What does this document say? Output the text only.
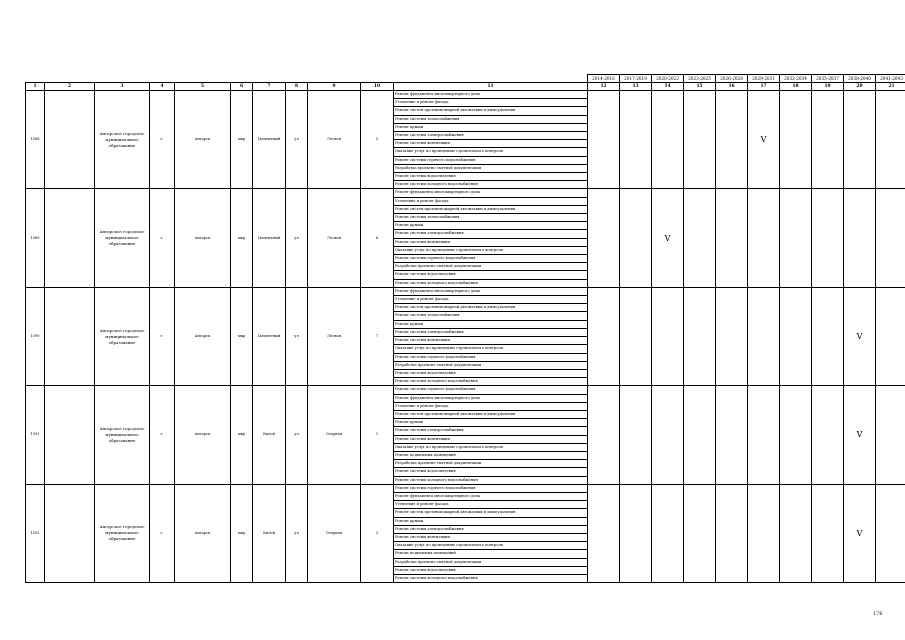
											2014-2016	2017-2019	2020-2022	2023-2025	2026-2028	2029-2031	2032-2034	2035-2037	2038-2040	2041-2043
1	2	3	4	5	6	7	8	9	10	11	12	13	14	15	16	17	18	19	20	21
1588		Ангарское городское муниципальное образование	г.	Ангарск	мкр	Цементный	ул	Лесная	5	Ремонт фундамента многоквартирного дома						V				
										Утепление и ремонт фасада										
										Ремонт систем противопожарной автоматики и дымоудаления										
										Ремонт системы теплоснабжения										
										Ремонт крыши										
										Ремонт системы электроснабжения										
										Ремонт системы вентиляции										
										Оказание услуг по проведению строительного контроля										
										Ремонт системы горячего водоснабжения										
										Разработка проектно-сметной документации										
										Ремонт системы водоотведения										
										Ремонт системы холодного водоснабжения										
1589		Ангарское городское муниципальное образование	г.	Ангарск	мкр	Цементный	ул	Лесная	6	Ремонт фундамента многоквартирного дома			V							
										Утепление и ремонт фасада										
										Ремонт систем противопожарной автоматики и дымоудаления										
										Ремонт системы теплоснабжения										
										Ремонт крыши										
										Ремонт системы электроснабжения										
										Ремонт системы вентиляции										
										Оказание услуг по проведению строительного контроля										
										Ремонт системы горячего водоснабжения										
										Разработка проектно-сметной документации										
										Ремонт системы водоотведения										
										Ремонт системы холодного водоснабжения										
1590		Ангарское городское муниципальное образование	г.	Ангарск	мкр	Цементный	ул	Лесная	7	Ремонт фундамента многоквартирного дома									V	
										Утепление и ремонт фасада										
										Ремонт систем противопожарной автоматики и дымоудаления										
										Ремонт системы теплоснабжения										
										Ремонт крыши										
										Ремонт системы электроснабжения										
										Ремонт системы вентиляции										
										Оказание услуг по проведению строительного контроля										
										Ремонт системы горячего водоснабжения										
										Разработка проектно-сметной документации										
										Ремонт системы водоотведения										
										Ремонт системы холодного водоснабжения										
1591		Ангарское городское муниципальное образование	г.	Ангарск	мкр	Китой	ул	Озерная	1	Ремонт системы горячего водоснабжения									V	
										Ремонт фундамента многоквартирного дома										
										Утепление и ремонт фасада										
										Ремонт систем противопожарной автоматики и дымоудаления										
										Ремонт крыши										
										Ремонт системы электроснабжения										
										Ремонт системы вентиляции										
										Оказание услуг по проведению строительного контроля										
										Ремонт подвальных помещений										
										Разработка проектно-сметной документации										
										Ремонт системы водоотведения										
										Ремонт системы холодного водоснабжения										
1592		Ангарское городское муниципальное образование	г.	Ангарск	мкр	Китой	ул	Озерная	3	Ремонт системы горячего водоснабжения									V	
										Ремонт фундамента многоквартирного дома										
										Утепление и ремонт фасада										
										Ремонт систем противопожарной автоматики и дымоудаления										
										Ремонт крыши										
										Ремонт системы электроснабжения										
										Ремонт системы вентиляции										
										Оказание услуг по проведению строительного контроля										
										Ремонт подвальных помещений										
										Разработка проектно-сметной документации										
										Ремонт системы водоотведения										
										Ремонт системы холодного водоснабжения										
176
